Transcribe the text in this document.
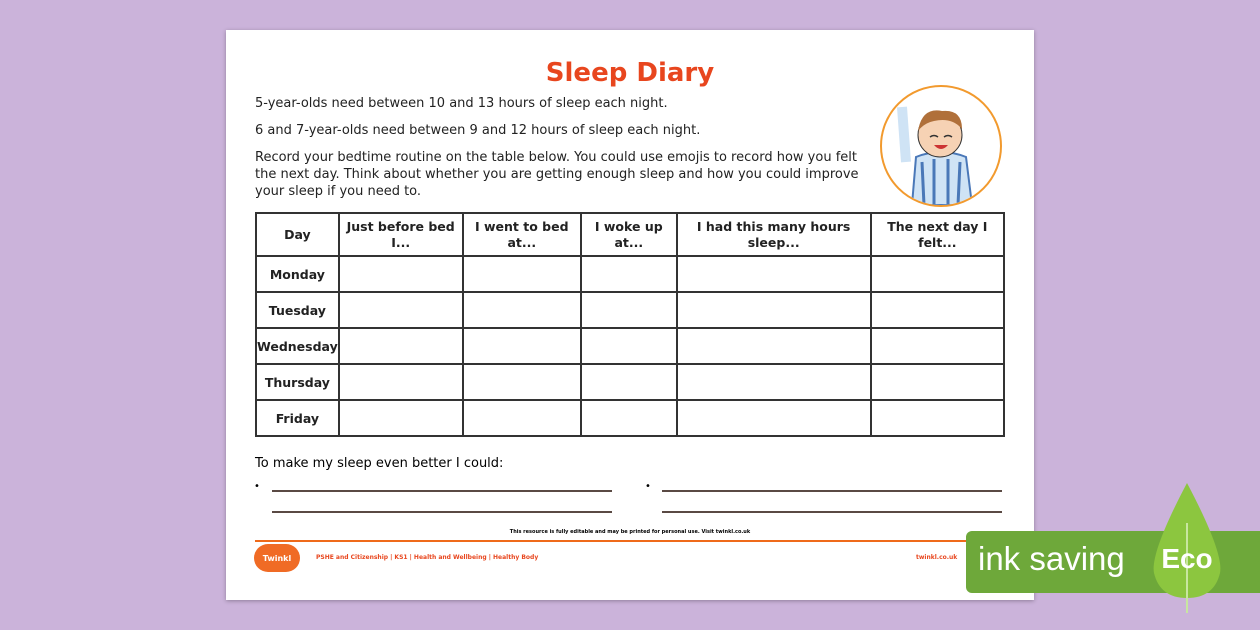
Sleep Diary
5-year-olds need between 10 and 13 hours of sleep each night.
6 and 7-year-olds need between 9 and 12 hours of sleep each night.
Record your bedtime routine on the table below. You could use emojis to record how you felt the next day. Think about whether you are getting enough sleep and how you could improve your sleep if you need to.
Day	Just before bed I...	I went to bed at...	I woke up at...	I had this many hours sleep...	The next day I felt...
Monday					
Tuesday					
Wednesday					
Thursday					
Friday					
To make my sleep even better I could:
•	•
This resource is fully editable and may be printed for personal use. Visit twinkl.co.uk
Twinkl	PSHE and Citizenship | KS1 | Health and Wellbeing | Healthy Body	twinkl.co.uk ink saving	Eco
